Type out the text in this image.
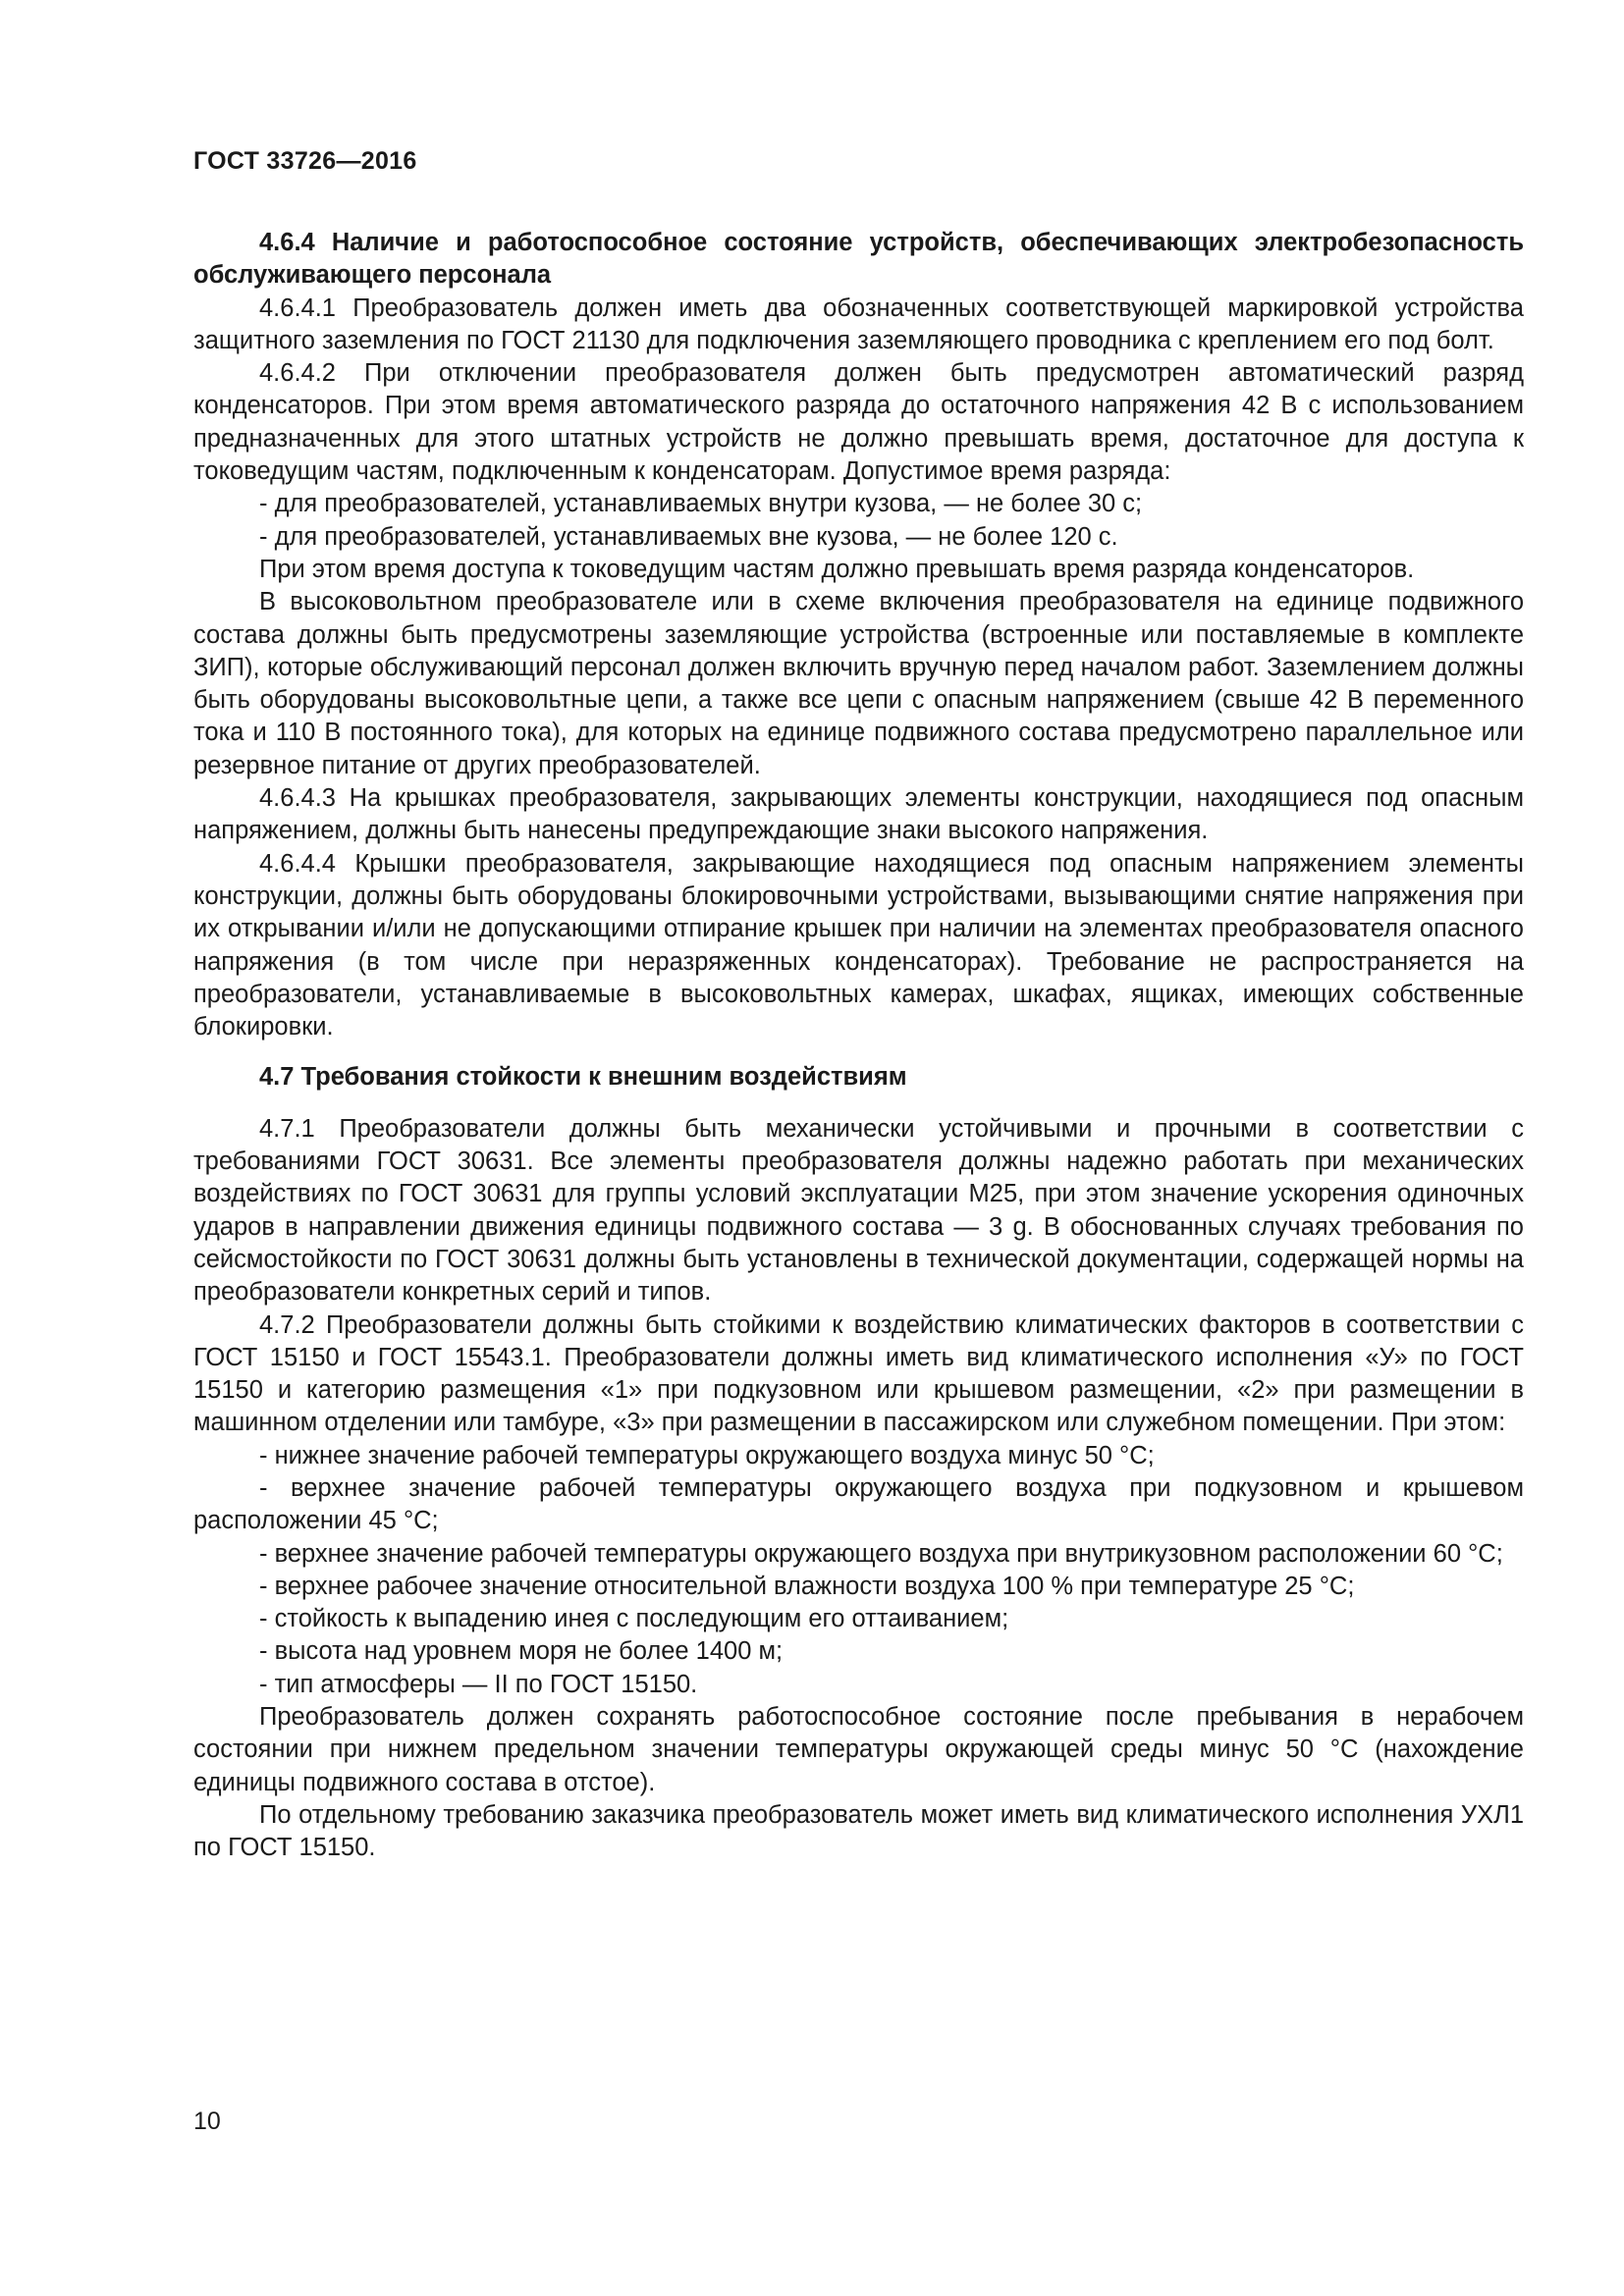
ГОСТ 33726—2016

4.6.4 Наличие и работоспособное состояние устройств, обеспечивающих электробезопасность обслуживающего персонала

4.6.4.1 Преобразователь должен иметь два обозначенных соответствующей маркировкой устройства защитного заземления по ГОСТ 21130 для подключения заземляющего проводника с креплением его под болт.

4.6.4.2 При отключении преобразователя должен быть предусмотрен автоматический разряд конденсаторов. При этом время автоматического разряда до остаточного напряжения 42 В с использованием предназначенных для этого штатных устройств не должно превышать время, достаточное для доступа к токоведущим частям, подключенным к конденсаторам. Допустимое время разряда:

- для преобразователей, устанавливаемых внутри кузова, — не более 30 с;

- для преобразователей, устанавливаемых вне кузова, — не более 120 с.

При этом время доступа к токоведущим частям должно превышать время разряда конденсаторов.

В высоковольтном преобразователе или в схеме включения преобразователя на единице подвижного состава должны быть предусмотрены заземляющие устройства (встроенные или поставляемые в комплекте ЗИП), которые обслуживающий персонал должен включить вручную перед началом работ. Заземлением должны быть оборудованы высоковольтные цепи, а также все цепи с опасным напряжением (свыше 42 В переменного тока и 110 В постоянного тока), для которых на единице подвижного состава предусмотрено параллельное или резервное питание от других преобразователей.

4.6.4.3 На крышках преобразователя, закрывающих элементы конструкции, находящиеся под опасным напряжением, должны быть нанесены предупреждающие знаки высокого напряжения.

4.6.4.4 Крышки преобразователя, закрывающие находящиеся под опасным напряжением элементы конструкции, должны быть оборудованы блокировочными устройствами, вызывающими снятие напряжения при их открывании и/или не допускающими отпирание крышек при наличии на элементах преобразователя опасного напряжения (в том числе при неразряженных конденсаторах). Требование не распространяется на преобразователи, устанавливаемые в высоковольтных камерах, шкафах, ящиках, имеющих собственные блокировки.

4.7 Требования стойкости к внешним воздействиям

4.7.1 Преобразователи должны быть механически устойчивыми и прочными в соответствии с требованиями ГОСТ 30631. Все элементы преобразователя должны надежно работать при механических воздействиях по ГОСТ 30631 для группы условий эксплуатации М25, при этом значение ускорения одиночных ударов в направлении движения единицы подвижного состава — 3 g. В обоснованных случаях требования по сейсмостойкости по ГОСТ 30631 должны быть установлены в технической документации, содержащей нормы на преобразователи конкретных серий и типов.

4.7.2 Преобразователи должны быть стойкими к воздействию климатических факторов в соответствии с ГОСТ 15150 и ГОСТ 15543.1. Преобразователи должны иметь вид климатического исполнения «У» по ГОСТ 15150 и категорию размещения «1» при подкузовном или крышевом размещении, «2» при размещении в машинном отделении или тамбуре, «3» при размещении в пассажирском или служебном помещении. При этом:

- нижнее значение рабочей температуры окружающего воздуха минус 50 °С;

- верхнее значение рабочей температуры окружающего воздуха при подкузовном и крышевом расположении 45 °С;

- верхнее значение рабочей температуры окружающего воздуха при внутрикузовном расположении 60 °С;

- верхнее рабочее значение относительной влажности воздуха 100 % при температуре 25 °С;

- стойкость к выпадению инея с последующим его оттаиванием;

- высота над уровнем моря не более 1400 м;

- тип атмосферы — II по ГОСТ 15150.

Преобразователь должен сохранять работоспособное состояние после пребывания в нерабочем состоянии при нижнем предельном значении температуры окружающей среды минус 50 °С (нахождение единицы подвижного состава в отстое).

По отдельному требованию заказчика преобразователь может иметь вид климатического исполнения УХЛ1 по ГОСТ 15150.

10
